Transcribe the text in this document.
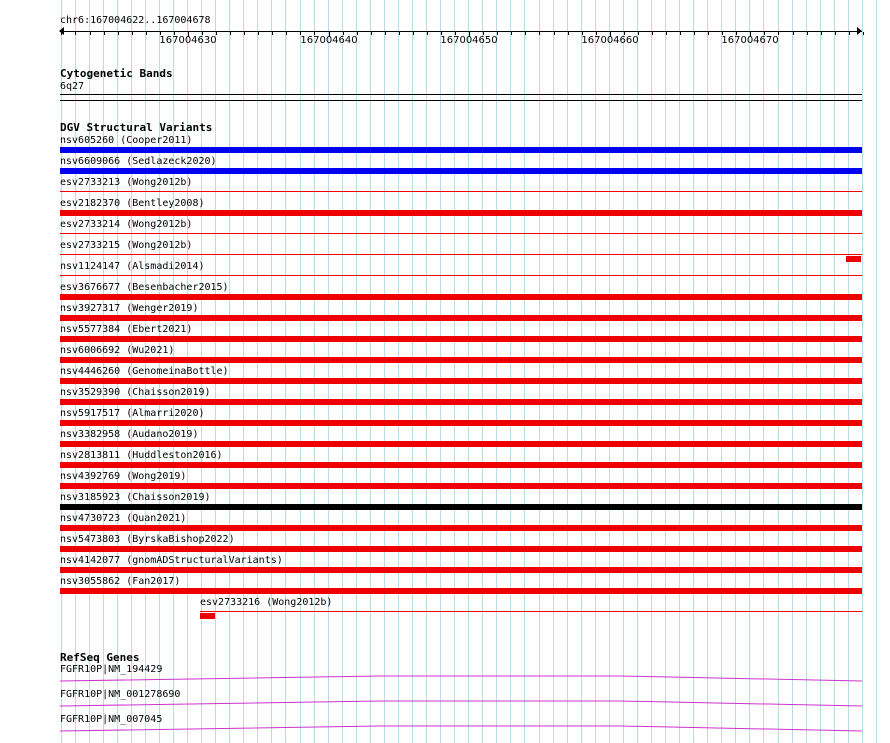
chr6:167004622..167004678
167004630	167004640	167004650	167004660	167004670
Cytogenetic Bands
6q27
DGV Structural Variants
nsv605260 (Cooper2011)
nsv6609066 (Sedlazeck2020)
esv2733213 (Wong2012b)
esv2182370 (Bentley2008)
esv2733214 (Wong2012b)
esv2733215 (Wong2012b)
nsv1124147 (Alsmadi2014)
esv3676677 (Besenbacher2015)
nsv3927317 (Wenger2019)
nsv5577384 (Ebert2021)
nsv6006692 (Wu2021)
nsv4446260 (GenomeinaBottle)
nsv3529390 (Chaisson2019)
nsv5917517 (Almarri2020)
nsv3382958 (Audano2019)
nsv2813811 (Huddleston2016)
nsv4392769 (Wong2019)
nsv3185923 (Chaisson2019)
nsv4730723 (Quan2021)
nsv5473803 (ByrskaBishop2022)
nsv4142077 (gnomADStructuralVariants)
nsv3055862 (Fan2017)
esv2733216 (Wong2012b)
RefSeq Genes
FGFR10P|NM_194429
FGFR10P|NM_001278690
FGFR10P|NM_007045
